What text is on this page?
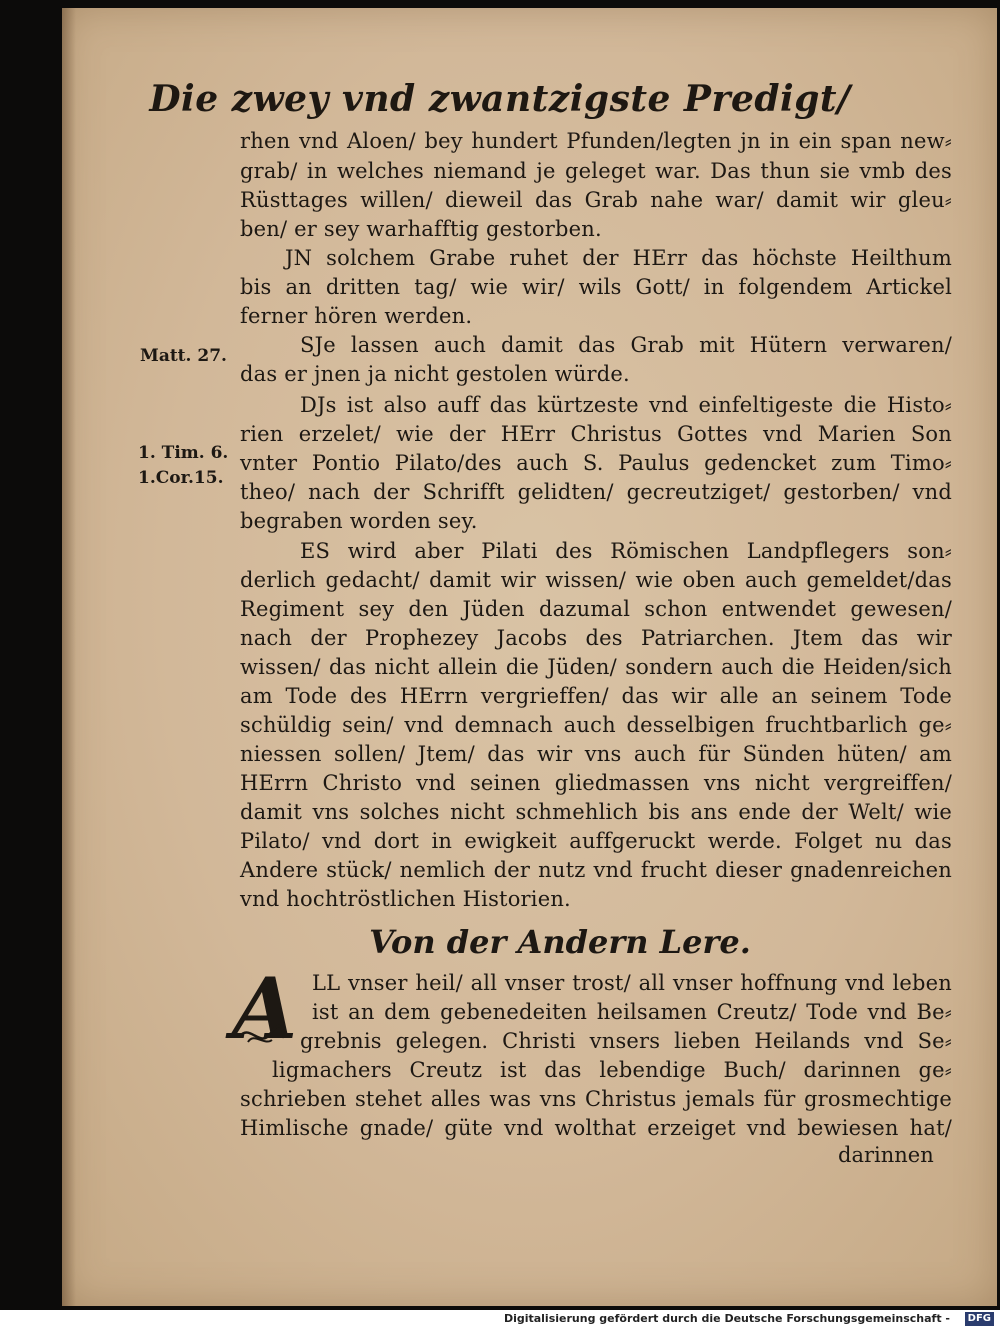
Die zwey vnd zwantzigste Predigt/
rhen vnd Aloen/ bey hundert Pfunden/legten jn in ein span new⸗
grab/ in welches niemand je geleget war. Das thun sie vmb des
Rüsttages willen/ dieweil das Grab nahe war/ damit wir gleu⸗
ben/ er sey warhafftig gestorben.
JN solchem Grabe ruhet der HErr das höchste Heilthum
bis an dritten tag/ wie wir/ wils Gott/ in folgendem Artickel
ferner hören werden.
SJe lassen auch damit das Grab mit Hütern verwaren/
das er jnen ja nicht gestolen würde.
DJs ist also auff das kürtzeste vnd einfeltigeste die Histo⸗
rien erzelet/ wie der HErr Christus Gottes vnd Marien Son
vnter Pontio Pilato/des auch S. Paulus gedencket zum Timo⸗
theo/ nach der Schrifft gelidten/ gecreutziget/ gestorben/ vnd
begraben worden sey.
ES wird aber Pilati des Römischen Landpflegers son⸗
derlich gedacht/ damit wir wissen/ wie oben auch gemeldet/das
Regiment sey den Jüden dazumal schon entwendet gewesen/
nach der Prophezey Jacobs des Patriarchen. Jtem das wir
wissen/ das nicht allein die Jüden/ sondern auch die Heiden/sich
am Tode des HErrn vergrieffen/ das wir alle an seinem Tode
schüldig sein/ vnd demnach auch desselbigen fruchtbarlich ge⸗
niessen sollen/ Jtem/ das wir vns auch für Sünden hüten/ am
HErrn Christo vnd seinen gliedmassen vns nicht vergreiffen/
damit vns solches nicht schmehlich bis ans ende der Welt/ wie
Pilato/ vnd dort in ewigkeit auffgeruckt werde. Folget nu das
Andere stück/ nemlich der nutz vnd frucht dieser gnadenreichen
vnd hochtröstlichen Historien.
Matt. 27.
1. Tim. 6.
1.Cor.15.
Von der Andern Lere.
A LL vnser heil/ all vnser trost/ all vnser hoffnung vnd leben
ist an dem gebenedeiten heilsamen Creutz/ Tode vnd Be⸗
grebnis gelegen. Christi vnsers lieben Heilands vnd Se⸗
ligmachers Creutz ist das lebendige Buch/ darinnen ge⸗
schrieben stehet alles was vns Christus jemals für grosmechtige
Himlische gnade/ güte vnd wolthat erzeiget vnd bewiesen hat/
darinnen
Digitalisierung gefördert durch die Deutsche Forschungsgemeinschaft -	DFG
